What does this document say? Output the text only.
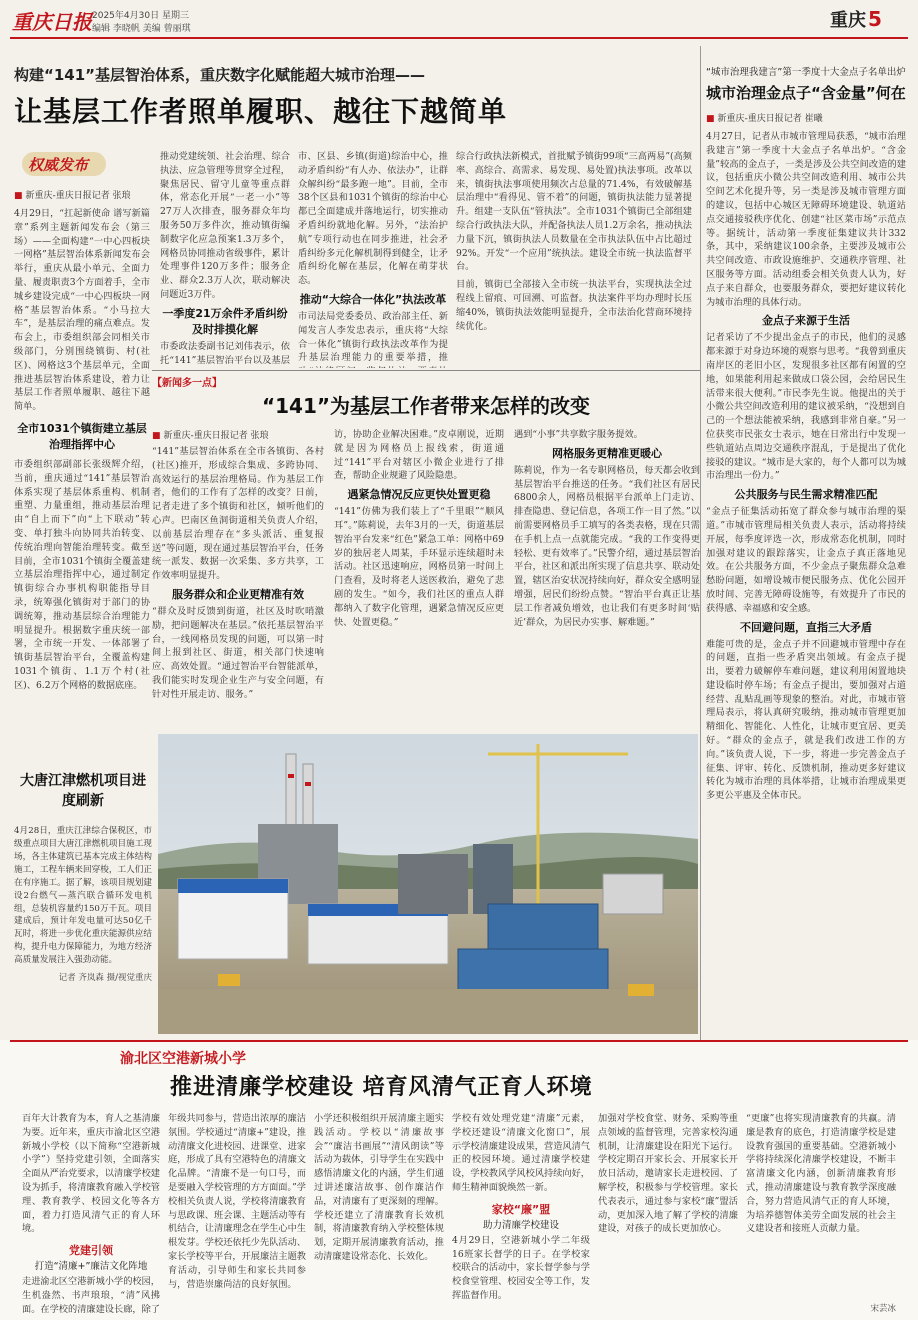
重庆日报 2025年4月30日 星期三
编辑 李晓帆 美编 曾丽琪	重庆 5
构建“141”基层智治体系，重庆数字化赋能超大城市治理——
让基层工作者照单履职、越往下越简单
权威发布
■ 新重庆-重庆日报记者 张琅
4月29日，“扛起新使命 谱写新篇章”系列主题新闻发布会（第三场）——全面构建“一中心四板块一网格”基层智治体系新闻发布会举行，重庆从最小单元、全面力量、履责职责3个方面着手，全市城乡建设完成“一中心四板块一网格”基层智治体系。“小马拉大车”，是基层治理的痛点难点。发布会上，市委组织部会同相关市级部门，分别围绕镇街、村(社区)、网格这3个基层单元，全面推进基层智治体系建设，着力让基层工作者照单履职、越往下越简单。
全市1031个镇街建立基层治理指挥中心
市委组织部副部长张级辉介绍，当前，重庆通过“141”基层智治体系实现了基层体系重构、机制重塑、力量重组，推动基层治理由“自上而下”向“上下联动”转变、单打独斗向协同共治转变、传统治理向智能治理转变。截至目前，全市1031个镇街全覆盖建立基层治理指挥中心，通过制定镇街综合办事机构职能指导目录，统筹强化镇街对于部门的协调统筹，推动基层综合治理能力明显提升。根据数字重庆统一部署，全市统一开发、一体部署了镇街基层智治平台，全覆盖构建1031个镇街、1.1万个村(社区)、6.2万个网格的数据底座。
推动党建统领、社会治理、综合执法、应急管理等贯穿全过程，聚焦居民、留守儿童等重点群体，常态化开展“一老一小”等27万人次排查，服务群众年均服务50万多件次，推动镇街编制数字化应急预案1.3万多个，网格员协同推动省级事件，累计处理事件120万多件；服务企业、群众2.3万人次，联动解决问题近3万件。
一季度21万余件矛盾纠纷及时排摸化解
市委政法委副书记刘伟表示，依托“141”基层智治平台以及基层
市、区县、乡镇(街道)综治中心，推动矛盾纠纷“有人办、依法办”，让群众解纠纷“最多跑一地”。目前，全市38个区县和1031个镇街的综治中心都已全面建成并落地运行，切实推动矛盾纠纷就地化解。另外，“法治护航”专项行动也在同步推进，社会矛盾纠纷多元化解机制得到健全，让矛盾纠纷化解在基层，化解在萌芽状态。
推动“大综合一体化”执法改革
市司法局党委委员、政治部主任、新闻发言人李发忠表示，重庆将“大综合一体化”镇街行政执法改革作为提升基层治理能力的重要举措，推
综合行政执法新模式，首批赋予镇街99项“三高两易”(高频率、高综合、高需求、易发现、易处置)执法事项。改革以来，镇街执法事项使用频次占总量的71.4%，有效破解基层治理中“看得见、管不着”的问题，镇街执法能力显著提升。组建一支队伍“管执法”。全市1031个镇街已全部组建综合行政执法大队，并配备执法人员1.2万余名，推动执法力量下沉，镇街执法人员数量在全市执法队伍中占比超过92%。开发“一个应用”统执法。建设全市统一执法监督平台。
目前，镇街已全部接入全市统一执法平台，实现执法全过程线上留痕、可回溯、可监督。执法案件平均办理时长压缩40%，镇街执法效能明显提升，全市法治化营商环境持续优化。
【新闻多一点】
“141”为基层工作者带来怎样的改变
■ 新重庆-重庆日报记者 张琅
“141”基层智治体系在全市各镇街、各村(社区)推开，形成综合集成、多跨协同、高效运行的基层治理格局。作为基层工作者，他们的工作有了怎样的改变？日前，记者走进了多个镇街和社区，倾听他们的心声。巴南区鱼洞街道相关负责人介绍，以前基层治理存在“多头派活、重复报送”等问题，现在通过基层智治平台，任务统一派发、数据一次采集、多方共享，工作效率明显提升。
服务群众和企业更精准有效
“群众及时反馈到街道，社区及时吹哨激励，把问题解决在基层。”依托基层智治平台，一线网格员发现的问题，可以第一时间上报到社区、街道，相关部门快速响应、高效处置。“通过智治平台智能派单，我们能实时发现企业生产与安全问题，有针对性开展走访、服务。”
访，协助企业解决困难。”皮卓刚说，近期就是因为网格员上报线索，街道通过“141”平台对辖区小微企业进行了排查，帮助企业规避了风险隐患。
遇紧急情况反应更快处置更稳
“141”仿佛为我们装上了“千里眼”“顺风耳”。”陈莉说，去年3月的一天，街道基层智治平台发来“红色”紧急工单：网格中69岁的独居老人周某，手环显示连续超时未活动。社区迅速响应，网格员第一时间上门查看，及时将老人送医救治，避免了悲剧的发生。“如今，我们社区的重点人群都纳入了数字化管理，遇紧急情况反应更快、处置更稳。”
遇到“小事”共享数字服务提效。
网格服务更精准更暖心
陈莉说，作为一名专职网格员，每天都会收到基层智治平台推送的任务。“我们社区有居民6800余人，网格员根据平台派单上门走访、排查隐患、登记信息，各项工作一目了然。”以前需要网格员手工填写的各类表格，现在只需在手机上点一点就能完成。“我的工作变得更轻松、更有效率了。”民警介绍，通过基层智治平台，社区和派出所实现了信息共享、联动处置，辖区治安状况持续向好，群众安全感明显增强，居民们纷纷点赞。“智治平台真正让基层工作者减负增效，也让我们有更多时间‘贴近’群众，为居民办实事、解难题。”
大唐江津燃机项目进度刷新
4月28日，重庆江津综合保税区，市级重点项目大唐江津燃机项目施工现场，各主体建筑已基本完成主体结构施工，工程车辆来回穿梭，工人们正在有序施工。据了解，该项目规划建设2台燃气—蒸汽联合循环发电机组，总装机容量约150万千瓦。项目建成后，预计年发电量可达50亿千瓦时，将进一步优化重庆能源供应结构，提升电力保障能力，为地方经济高质量发展注入强劲动能。
记者 齐岚森 摄/视觉重庆
“城市治理我建言”第一季度十大金点子名单出炉
城市治理金点子“含金量”何在
■ 新重庆-重庆日报记者 崔曦
4月27日，记者从市城市管理局获悉，“城市治理我建言”第一季度十大金点子名单出炉。“含金量”较高的金点子，一类是涉及公共空间改造的建议，包括重庆小微公共空间改造利用、城市公共空间艺术化提升等，另一类是涉及城市管理方面的建议，包括中心城区无障碍环境建设、轨道站点交通接驳秩序优化、创建“社区菜市场”示范点等。据统计，活动第一季度征集建议共计332条，其中，采纳建议100余条，主要涉及城市公共空间改造、市政设施维护、交通秩序管理、社区服务等方面。活动组委会相关负责人认为，好点子来自群众，也要服务群众，要把好建议转化为城市治理的具体行动。
金点子来源于生活
记者采访了不少提出金点子的市民，他们的灵感都来源于对身边环境的观察与思考。“我曾到重庆南岸区的老旧小区，发现很多社区都有闲置的空地，如果能利用起来做成口袋公园，会给居民生活带来很大便利。”市民李先生说。他提出的关于小微公共空间改造利用的建议被采纳，“没想到自己的一个想法能被采纳，我感到非常自豪。”另一位获奖市民张女士表示，她在日常出行中发现一些轨道站点周边交通秩序混乱，于是提出了优化接驳的建议。“城市是大家的，每个人都可以为城市治理出一份力。”
公共服务与民生需求精准匹配
“金点子征集活动拓宽了群众参与城市治理的渠道。”市城市管理局相关负责人表示，活动将持续开展，每季度评选一次，形成常态化机制，同时加强对建议的跟踪落实，让金点子真正落地见效。在公共服务方面，不少金点子聚焦群众急难愁盼问题，如增设城市便民服务点、优化公园开放时间、完善无障碍设施等，有效提升了市民的获得感、幸福感和安全感。
不回避问题，直指三大矛盾
难能可贵的是，金点子并不回避城市管理中存在的问题，直指一些矛盾突出领域。有金点子提出，要着力破解停车难问题，建议利用闲置地块建设临时停车场；有金点子提出，要加强对占道经营、乱贴乱画等现象的整治。对此，市城市管理局表示，将认真研究吸纳，推动城市管理更加精细化、智能化、人性化，让城市更宜居、更美好。“群众的金点子，就是我们改进工作的方向。”该负责人说，下一步，将进一步完善金点子征集、评审、转化、反馈机制，推动更多好建议转化为城市治理的具体举措，让城市治理成果更多更公平惠及全体市民。
渝北区空港新城小学
推进清廉学校建设 培育风清气正育人环境
百年大计教育为本，育人之基清廉为要。近年来，重庆市渝北区空港新城小学校（以下简称“空港新城小学”）坚持党建引领，全面落实全面从严治党要求，以清廉学校建设为抓手，将清廉教育融入学校管理、教育教学、校园文化等各方面，着力打造风清气正的育人环境。
党建引领
打造“清廉+”廉洁文化阵地
走进渝北区空港新城小学的校园，生机盎然、书声琅琅，“清”风拂面。在学校的清廉建设长廊，除了
年级共同参与，营造出浓厚的廉洁氛围。学校通过“清廉+”建设，推动清廉文化进校园、进课堂、进家庭，形成了具有空港特色的清廉文化品牌。“清廉不是一句口号，而是要融入学校管理的方方面面。”学校相关负责人说，学校将清廉教育与思政课、班会课、主题活动等有机结合，让清廉理念在学生心中生根发芽。学校还依托少先队活动、家长学校等平台，开展廉洁主题教育活动，引导师生和家长共同参与，营造崇廉尚洁的良好氛围。
小学还积极组织开展清廉主题实践活动。学校以“清廉故事会”“廉洁书画展”“清风朗读”等活动为载体，引导学生在实践中感悟清廉文化的内涵，学生们通过讲述廉洁故事、创作廉洁作品，对清廉有了更深刻的理解。学校还建立了清廉教育长效机制，将清廉教育纳入学校整体规划，定期开展清廉教育活动，推动清廉建设常态化、长效化。
学校有效处理党建“清廉”元素，学校还建设“清廉文化窗口”，展示学校清廉建设成果，营造风清气正的校园环境。通过清廉学校建设，学校教风学风校风持续向好，师生精神面貌焕然一新。
家校“廉”盟
助力清廉学校建设
4月29日，空港新城小学二年级16班家长督学的日子。在学校家校联合的活动中，家长督学参与学校食堂管理、校园安全等工作，发挥监督作用。
加强对学校食堂、财务、采购等重点领域的监督管理，完善家校沟通机制，让清廉建设在阳光下运行。学校定期召开家长会、开展家长开放日活动，邀请家长走进校园、了解学校，积极参与学校管理。家长代表表示，通过参与家校“廉”盟活动，更加深入地了解了学校的清廉建设，对孩子的成长更加放心。
“更廉”也将实现清廉教育的共赢。清廉是教育的底色，打造清廉学校是建设教育强国的重要基础。空港新城小学将持续深化清廉学校建设，不断丰富清廉文化内涵，创新清廉教育形式，推动清廉建设与教育教学深度融合，努力营造风清气正的育人环境，为培养德智体美劳全面发展的社会主义建设者和接班人贡献力量。
宋芸冰
